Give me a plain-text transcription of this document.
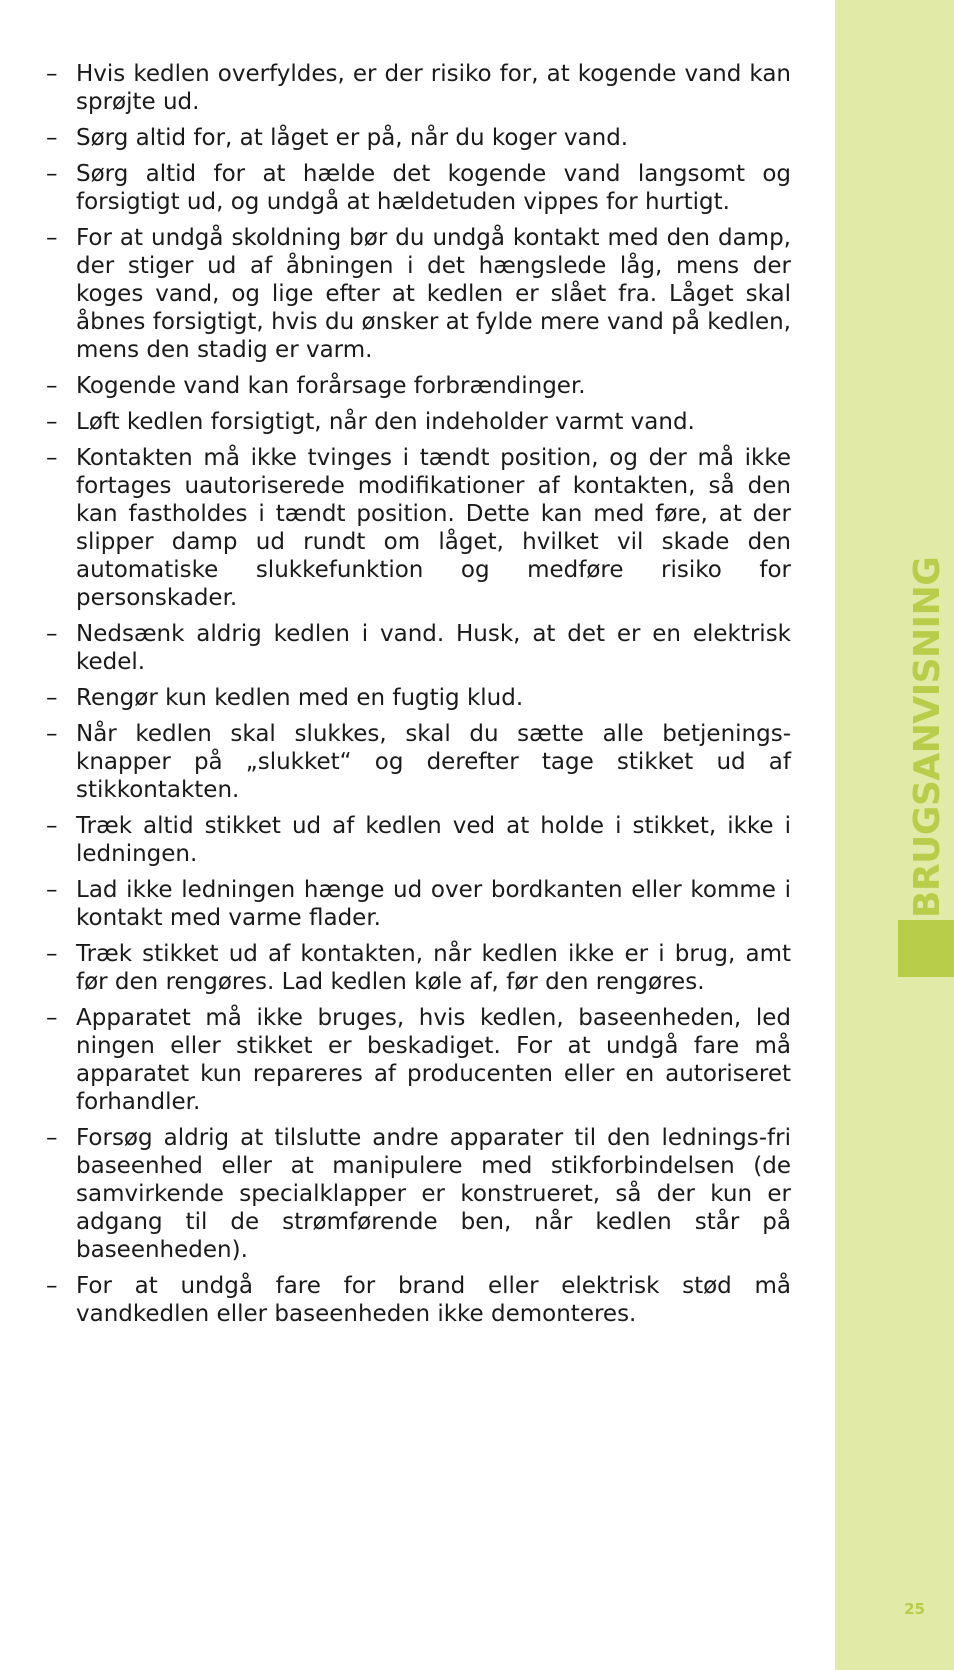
– Hvis kedlen overfyldes, er der risiko for, at kogende vand kan sprøjte ud.
– Sørg altid for, at låget er på, når du koger vand.
– Sørg altid for at hælde det kogende vand langsomt og forsigtigt ud, og undgå at hældetuden vippes for hurtigt.
– For at undgå skoldning bør du undgå kontakt med den damp, der stiger ud af åbningen i det hængslede låg, mens der koges vand, og lige efter at kedlen er slået fra. Låget skal åbnes forsigtigt, hvis du ønsker at fylde mere vand på kedlen, mens den stadig er varm.
– Kogende vand kan forårsage forbrændinger.
– Løft kedlen forsigtigt, når den indeholder varmt vand.
– Kontakten må ikke tvinges i tændt position, og der må ikke fortages uautoriserede modifikationer af kontakten, så den kan fastholdes i tændt position. Dette kan med føre, at der slipper damp ud rundt om låget, hvilket vil skade den automatiske slukkefunktion og medføre risiko for personskader.
– Nedsænk aldrig kedlen i vand. Husk, at det er en elektrisk kedel.
– Rengør kun kedlen med en fugtig klud.
– Når kedlen skal slukkes, skal du sætte alle betjenings-knapper på „slukket“ og derefter tage stikket ud af stikkontakten.
– Træk altid stikket ud af kedlen ved at holde i stikket, ikke i ledningen.
– Lad ikke ledningen hænge ud over bordkanten eller komme i kontakt med varme flader.
– Træk stikket ud af kontakten, når kedlen ikke er i brug, amt før den rengøres. Lad kedlen køle af, før den rengøres.
– Apparatet må ikke bruges, hvis kedlen, baseenheden, led ningen eller stikket er beskadiget. For at undgå fare må apparatet kun repareres af producenten eller en autoriseret forhandler.
– Forsøg aldrig at tilslutte andre apparater til den lednings-fri baseenhed eller at manipulere med stikforbindelsen (de samvirkende specialklapper er konstrueret, så der kun er adgang til de strømførende ben, når kedlen står på baseenheden).
– For at undgå fare for brand eller elektrisk stød må vandkedlen eller baseenheden ikke demonteres.
BRUGSANVISNING
25
